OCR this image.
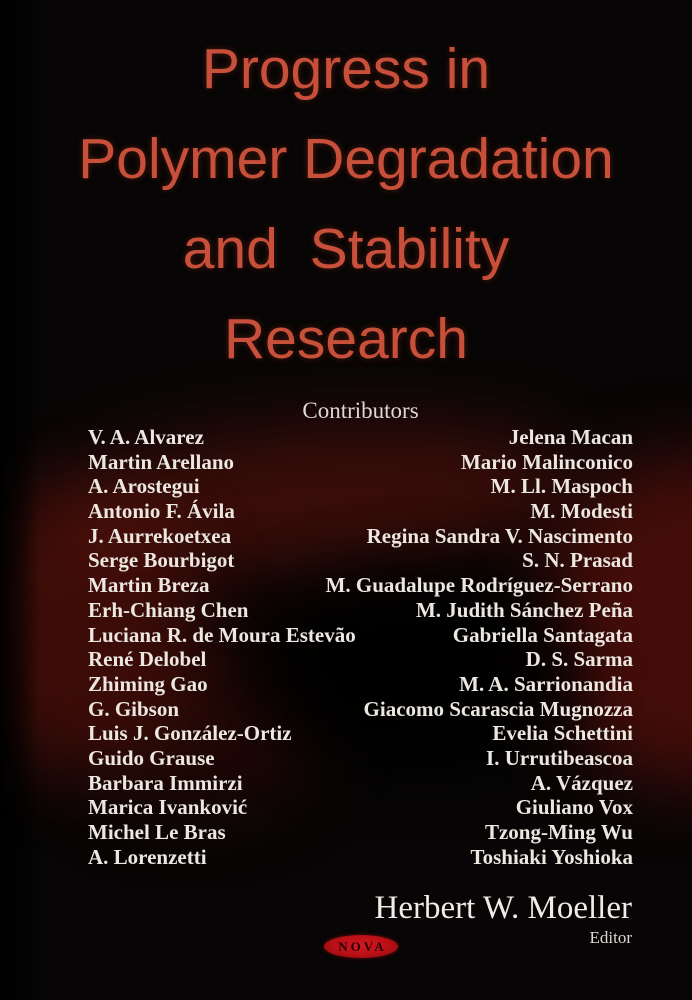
Progress in
Polymer Degradation
and Stability
Research
Contributors
V. A. Alvarez	Jelena Macan
Martin Arellano	Mario Malinconico
A. Arostegui	M. Ll. Maspoch
Antonio F. Ávila	M. Modesti
J. Aurrekoetxea	Regina Sandra V. Nascimento
Serge Bourbigot	S. N. Prasad
Martin Breza	M. Guadalupe Rodríguez-Serrano
Erh-Chiang Chen	M. Judith Sánchez Peña
Luciana R. de Moura Estevão	Gabriella Santagata
René Delobel	D. S. Sarma
Zhiming Gao	M. A. Sarrionandia
G. Gibson	Giacomo Scarascia Mugnozza
Luis J. González-Ortiz	Evelia Schettini
Guido Grause	I. Urrutibeascoa
Barbara Immirzi	A. Vázquez
Marica Ivanković	Giuliano Vox
Michel Le Bras	Tzong-Ming Wu
A. Lorenzetti	Toshiaki Yoshioka
Herbert W. Moeller
Editor
NOVA
